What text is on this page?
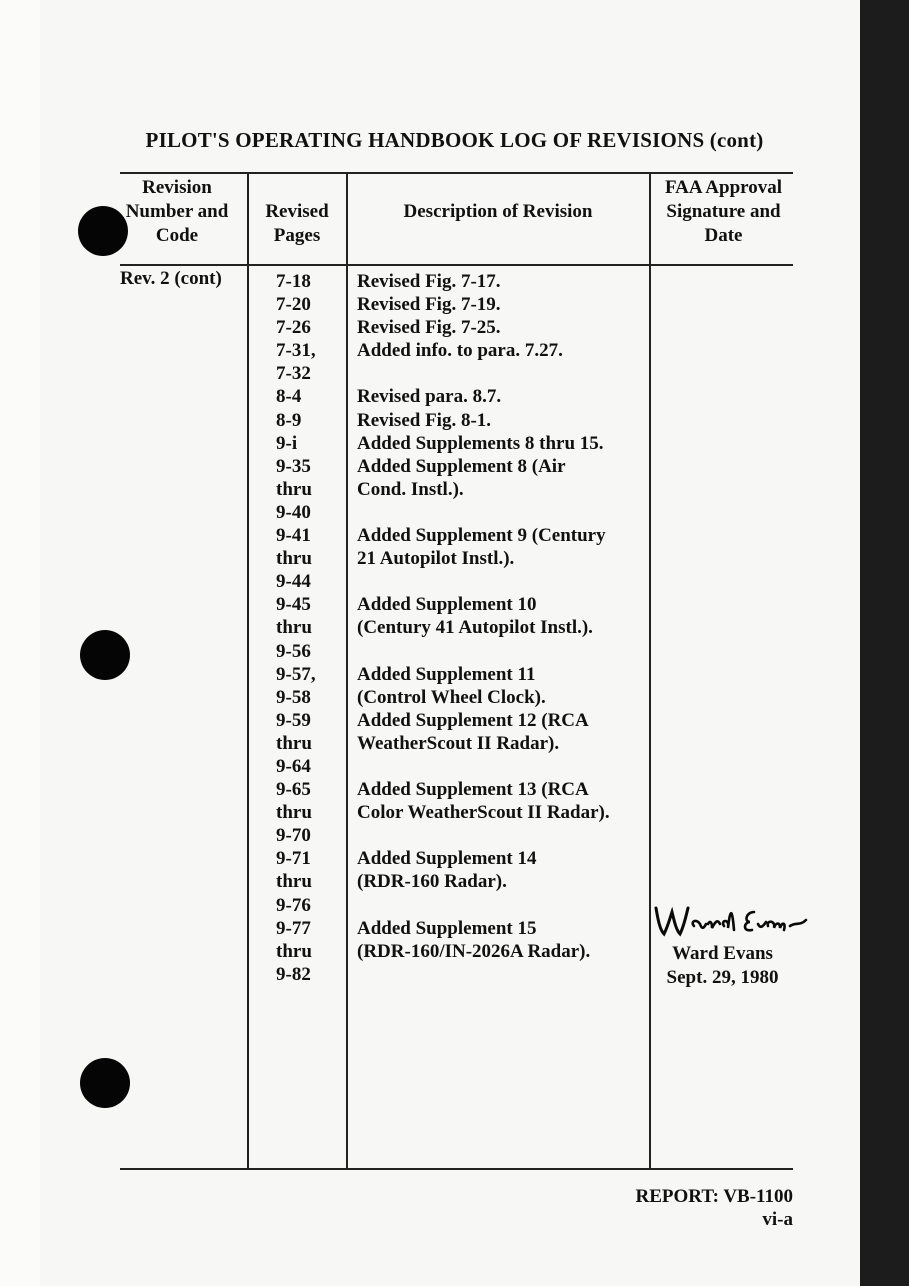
PILOT'S OPERATING HANDBOOK LOG OF REVISIONS (cont)
Revision
Number and
Code
Revised
Pages
Description of Revision
FAA Approval
Signature and
Date
Rev. 2 (cont)	7-18
7-20
7-26
7-31,
7-32
8-4
8-9
9-i
9-35
thru
9-40
9-41
thru
9-44
9-45
thru
9-56
9-57,
9-58
9-59
thru
9-64
9-65
thru
9-70
9-71
thru
9-76
9-77
thru
9-82
Revised Fig. 7-17.
Revised Fig. 7-19.
Revised Fig. 7-25.
Added info. to para. 7.27.
Revised para. 8.7.
Revised Fig. 8-1.
Added Supplements 8 thru 15.
Added Supplement 8 (Air
Cond. Instl.).
Added Supplement 9 (Century
21 Autopilot Instl.).
Added Supplement 10
(Century 41 Autopilot Instl.).
Added Supplement 11
(Control Wheel Clock).
Added Supplement 12 (RCA
WeatherScout II Radar).
Added Supplement 13 (RCA
Color WeatherScout II Radar).
Added Supplement 14
(RDR-160 Radar).
Added Supplement 15
(RDR-160/IN-2026A Radar).	Ward Evans
Sept. 29, 1980
REPORT: VB-1100
vi-a
